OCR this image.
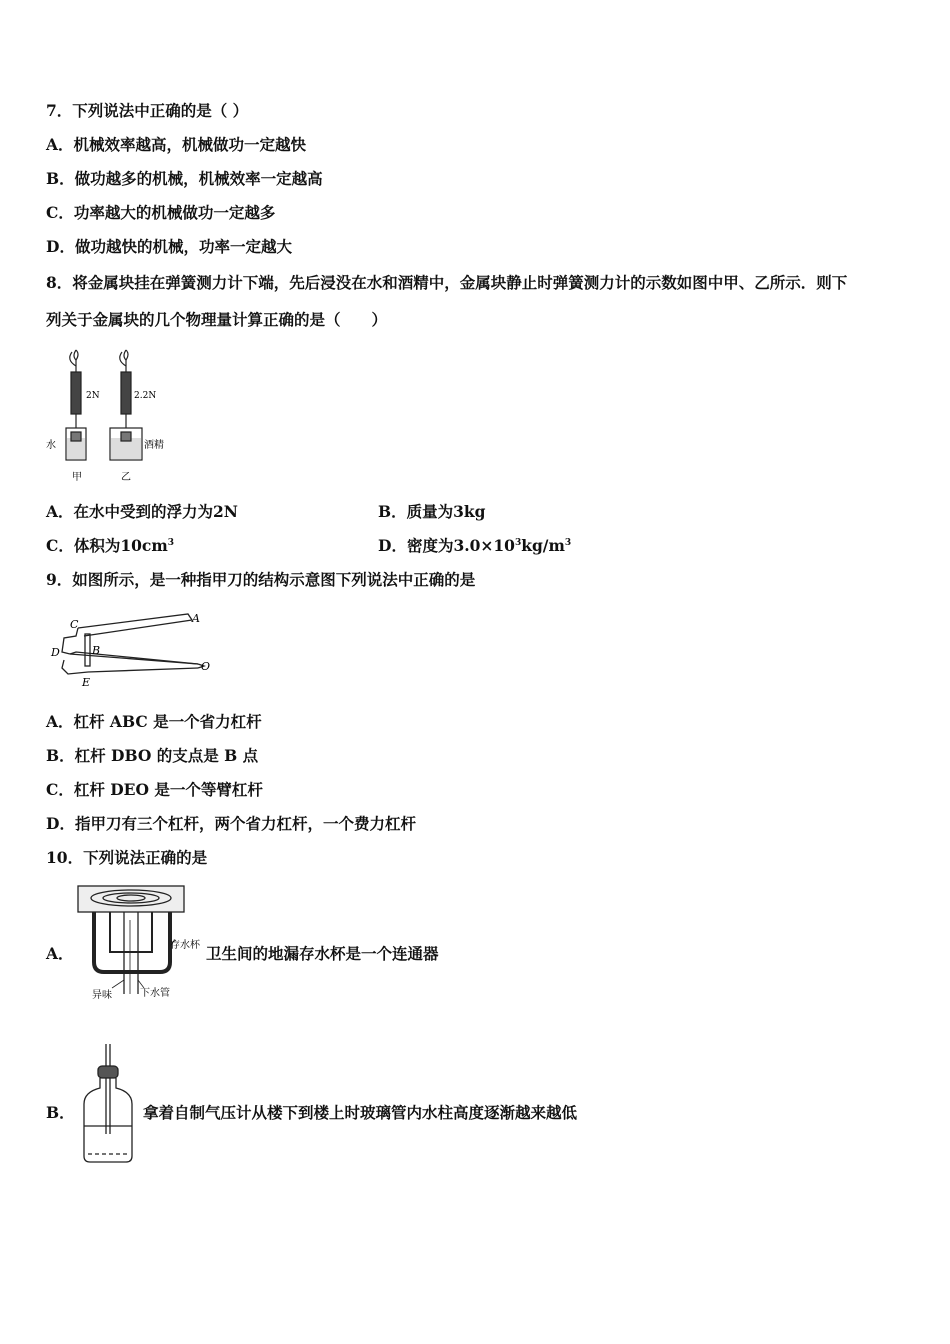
7．下列说法中正确的是（ ）
A．机械效率越高，机械做功一定越快
B．做功越多的机械，机械效率一定越高
C．功率越大的机械做功一定越多
D．做功越快的机械，功率一定越大
8．将金属块挂在弹簧测力计下端，先后浸没在水和酒精中，金属块静止时弹簧测力计的示数如图中甲、乙所示．则下
列关于金属块的几个物理量计算正确的是（　　）
2N	2.2N
水	酒精
甲	乙
A．在水中受到的浮力为2N	B．质量为3kg
C．体积为$10cm^3$	D．密度为$3.0\times 10^3kg/m^3$
9．如图所示，是一种指甲刀的结构示意图下列说法中正确的是
C	A
B
D
E
O
A．杠杆 ABC 是一个省力杠杆
B．杠杆 DBO 的支点是 B 点
C．杠杆 DEO 是一个等臂杠杆
D．指甲刀有三个杠杆，两个省力杠杆，一个费力杠杆
10．下列说法正确的是
A．	存水杯
异味	下水管
卫生间的地漏存水杯是一个连通器
B．	拿着自制气压计从楼下到楼上时玻璃管内水柱高度逐渐越来越低
